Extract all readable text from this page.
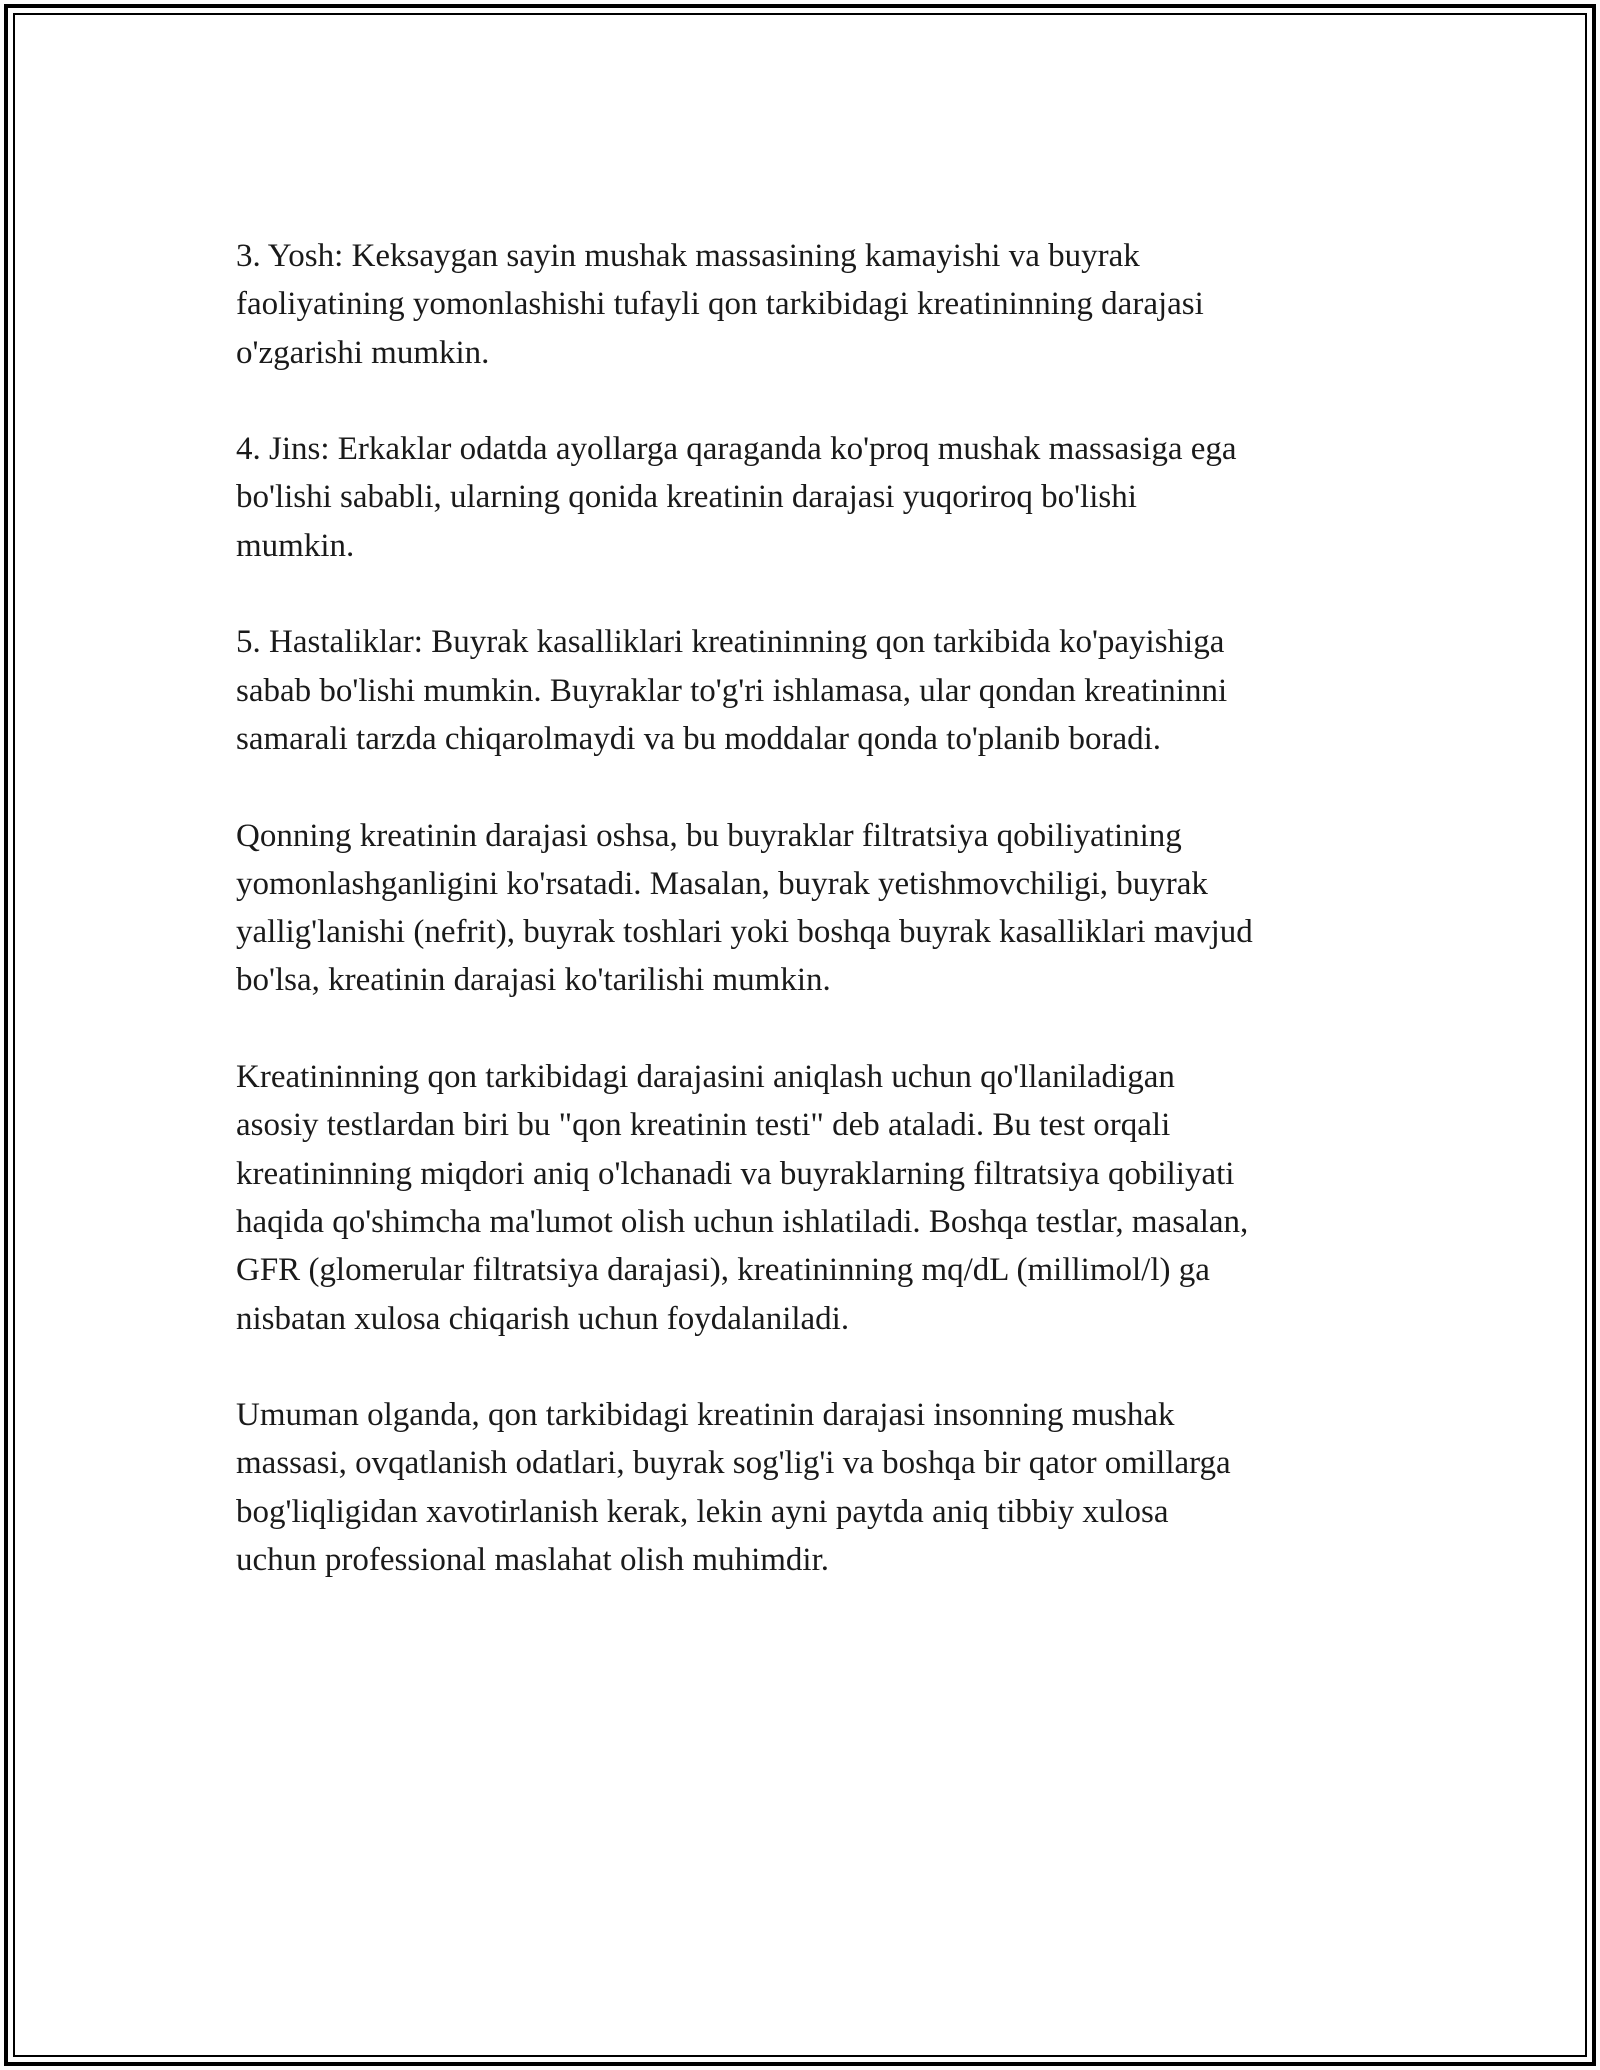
3. Yosh: Keksaygan sayin mushak massasining kamayishi va buyrak
faoliyatining yomonlashishi tufayli qon tarkibidagi kreatininning darajasi
o'zgarishi mumkin.

4. Jins: Erkaklar odatda ayollarga qaraganda ko'proq mushak massasiga ega
bo'lishi sababli, ularning qonida kreatinin darajasi yuqoriroq bo'lishi
mumkin.

5. Hastaliklar: Buyrak kasalliklari kreatininning qon tarkibida ko'payishiga
sabab bo'lishi mumkin. Buyraklar to'g'ri ishlamasa, ular qondan kreatininni
samarali tarzda chiqarolmaydi va bu moddalar qonda to'planib boradi.

Qonning kreatinin darajasi oshsa, bu buyraklar filtratsiya qobiliyatining
yomonlashganligini ko'rsatadi. Masalan, buyrak yetishmovchiligi, buyrak
yallig'lanishi (nefrit), buyrak toshlari yoki boshqa buyrak kasalliklari mavjud
bo'lsa, kreatinin darajasi ko'tarilishi mumkin.

Kreatininning qon tarkibidagi darajasini aniqlash uchun qo'llaniladigan
asosiy testlardan biri bu "qon kreatinin testi" deb ataladi. Bu test orqali
kreatininning miqdori aniq o'lchanadi va buyraklarning filtratsiya qobiliyati
haqida qo'shimcha ma'lumot olish uchun ishlatiladi. Boshqa testlar, masalan,
GFR (glomerular filtratsiya darajasi), kreatininning mq/dL (millimol/l) ga
nisbatan xulosa chiqarish uchun foydalaniladi.

Umuman olganda, qon tarkibidagi kreatinin darajasi insonning mushak
massasi, ovqatlanish odatlari, buyrak sog'lig'i va boshqa bir qator omillarga
bog'liqligidan xavotirlanish kerak, lekin ayni paytda aniq tibbiy xulosa
uchun professional maslahat olish muhimdir.
